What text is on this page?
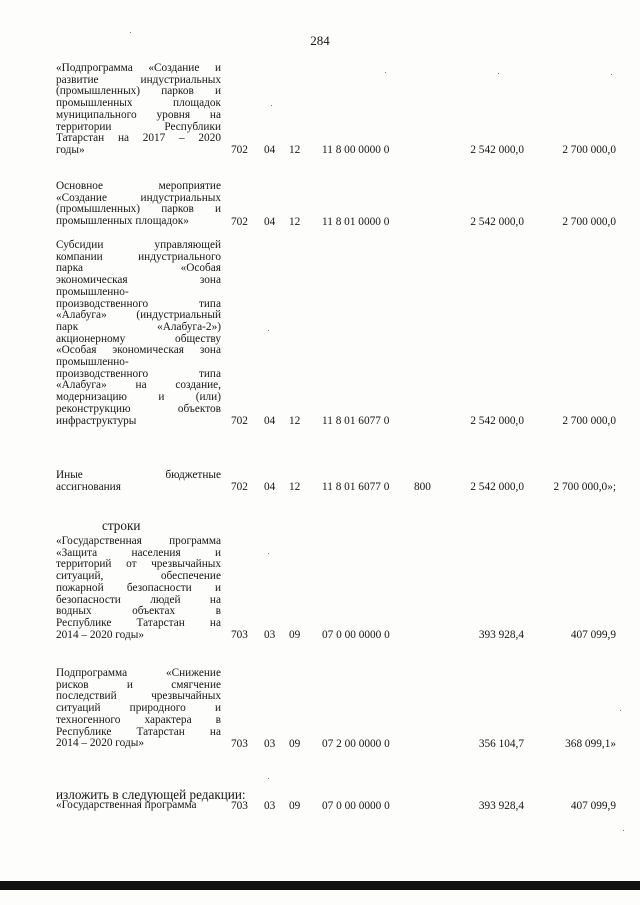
284
строки
изложить в следующей редакции:
«Подпрограмма «Создание и
развитие индустриальных
(промышленных) парков и
промышленных площадок
муниципального уровня на
территории Республики
Татарстан на 2017 – 2020
годы»	702	04	12	11 8 00 0000 0	2 542 000,0	2 700 000,0
Основное мероприятие
«Создание индустриальных
(промышленных) парков и
промышленных площадок»	702	04	12	11 8 01 0000 0	2 542 000,0	2 700 000,0
Субсидии управляющей
компании индустриального
парка «Особая
экономическая зона
промышленно-
производственного типа
«Алабуга» (индустриальный
парк «Алабуга-2»)
акционерному обществу
«Особая экономическая зона
промышленно-
производственного типа
«Алабуга» на создание,
модернизацию и (или)
реконструкцию объектов
инфраструктуры	702	04	12	11 8 01 6077 0	2 542 000,0	2 700 000,0
Иные бюджетные
ассигнования	702	04	12	11 8 01 6077 0	800	2 542 000,0	2 700 000,0»;
«Государственная программа
«Защита населения и
территорий от чрезвычайных
ситуаций, обеспечение
пожарной безопасности и
безопасности людей на
водных объектах в
Республике Татарстан на
2014 – 2020 годы»	703	03	09	07 0 00 0000 0	393 928,4	407 099,9
Подпрограмма «Снижение
рисков и смягчение
последствий чрезвычайных
ситуаций природного и
техногенного характера в
Республике Татарстан на
2014 – 2020 годы»	703	03	09	07 2 00 0000 0	356 104,7	368 099,1»
«Государственная программа	703	03	09	07 0 00 0000 0	393 928,4	407 099,9
